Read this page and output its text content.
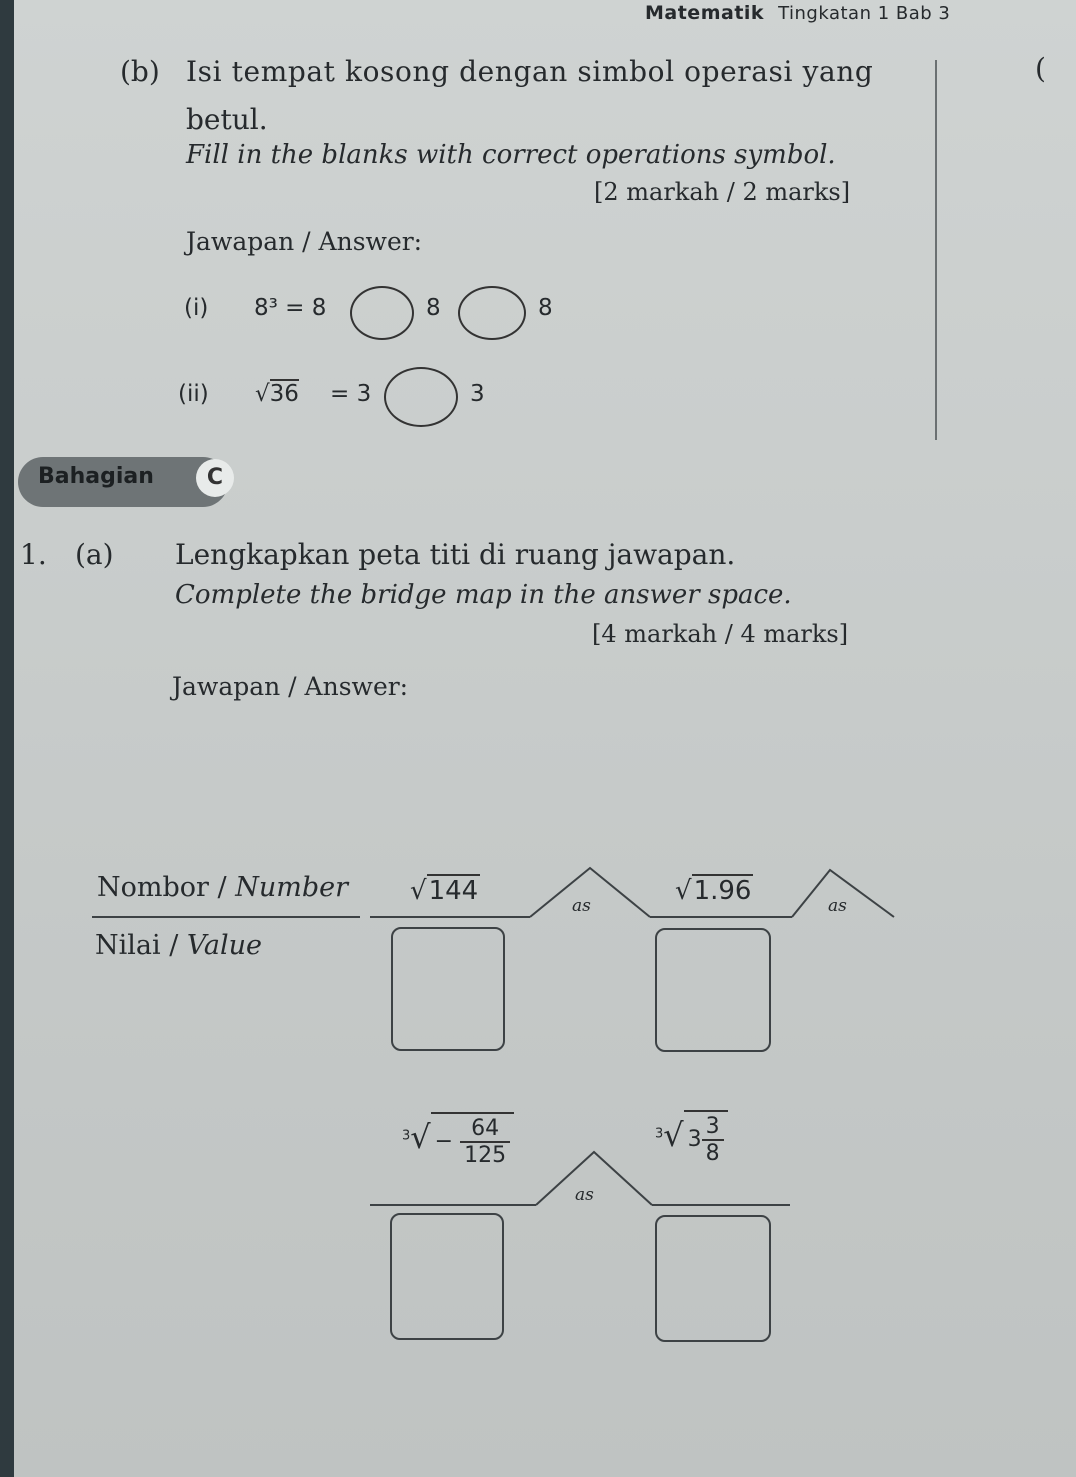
(
Matematik Tingkatan 1 Bab 3
(b) Isi tempat kosong dengan simbol operasi yang
betul.
Fill in the blanks with correct operations symbol.
[2 markah / 2 marks]
Jawapan / Answer:
(i) 8³ = 8	8	8
(ii) √36 = 3	3
Bahagian	C
1. (a) Lengkapkan peta titi di ruang jawapan.
Complete the bridge map in the answer space.
[4 markah / 4 marks]
Jawapan / Answer:
Nombor / Number
Nilai / Value
√144	as	√1.96	as
$^3√ - \frac{64}{125}$
as
$^3$√ $3 \frac{3}{8}$
